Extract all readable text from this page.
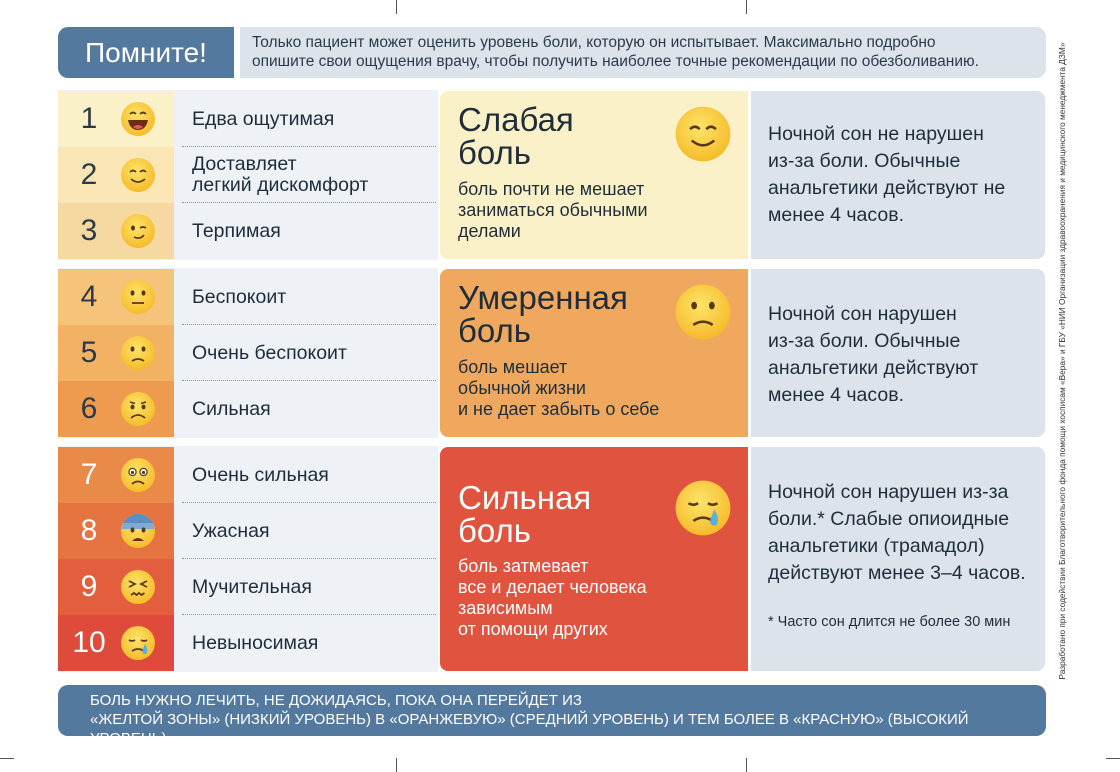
Помните!	Только пациент может оценить уровень боли, которую он испытывает. Максимально подробно
опишите свои ощущения врачу, чтобы получить наиболее точные рекомендации по обезболиванию.
1
2
3
Едва ощутимая
Доставляет
легкий дискомфорт
Терпимая
4
5
6
Беспокоит
Очень беспокоит
Сильная
7
8
9
10
Очень сильная
Ужасная
Мучительная
Невыносимая
Слабая
боль
боль почти не мешает
заниматься обычными
делами
Ночной сон не нарушен
из-за боли. Обычные
анальгетики действуют не
менее 4 часов.
Умеренная
боль
боль мешает
обычной жизни
и не дает забыть о себе
Ночной сон нарушен
из-за боли. Обычные
анальгетики действуют
менее 4 часов.
Сильная
боль
боль затмевает
все и делает человека
зависимым
от помощи других
Ночной сон нарушен из-за
боли.* Слабые опиоидные
анальгетики (трамадол)
действуют менее 3–4 часов.
* Часто сон длится не более 30 мин
БОЛЬ НУЖНО ЛЕЧИТЬ, НЕ ДОЖИДАЯСЬ, ПОКА ОНА ПЕРЕЙДЕТ ИЗ
«ЖЕЛТОЙ ЗОНЫ» (НИЗКИЙ УРОВЕНЬ) В «ОРАНЖЕВУЮ» (СРЕДНИЙ УРОВЕНЬ) И ТЕМ БОЛЕЕ В «КРАСНУЮ» (ВЫСОКИЙ УРОВЕНЬ)
Разработано при содействии Благотворительного фонда помощи хосписам «Вера» и ГБУ «НИИ Организации здравоохранения и медицинского менеджмента ДЗМ»
